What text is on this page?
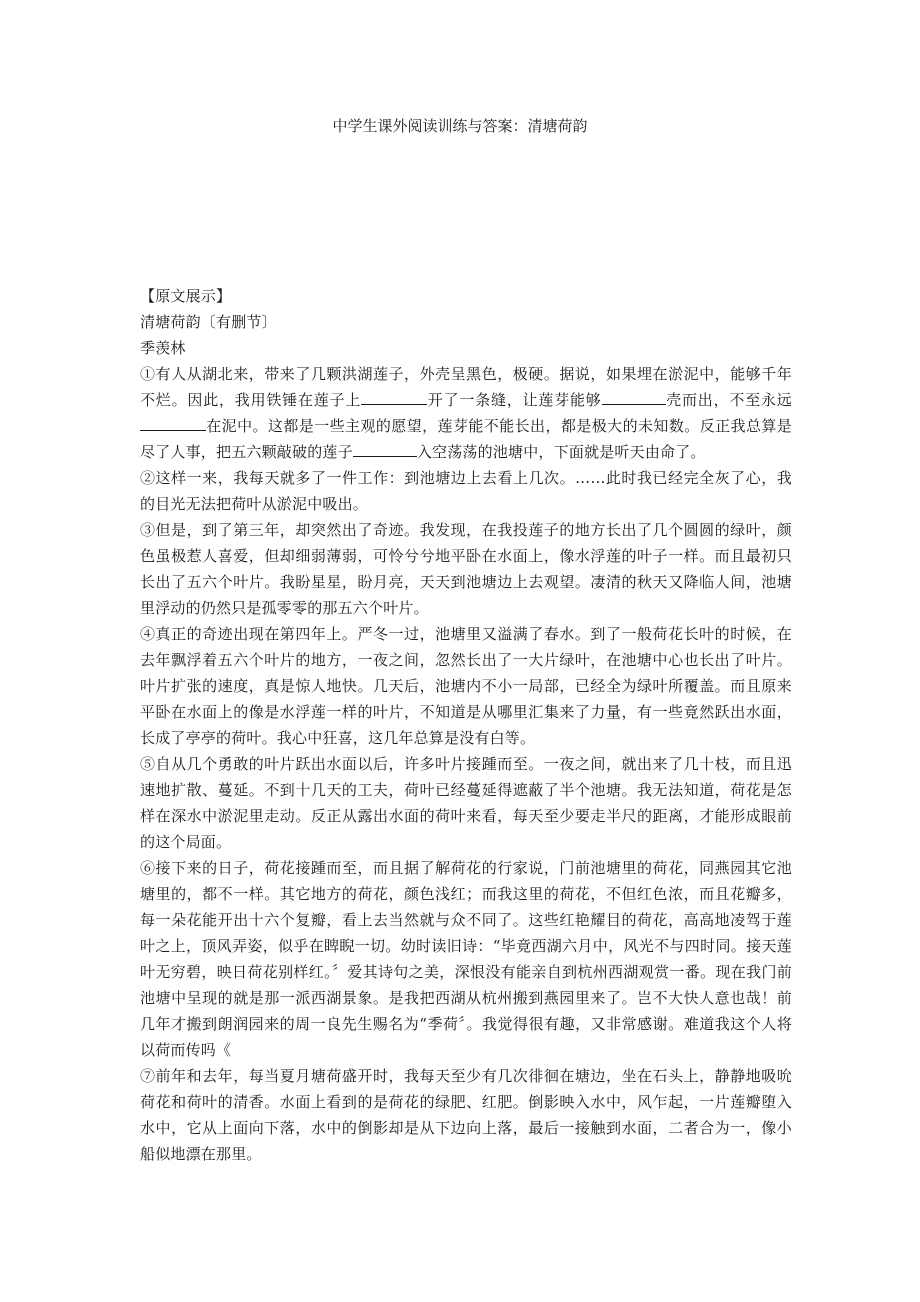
中学生课外阅读训练与答案：清塘荷韵

【原文展示】

清塘荷韵〔有删节〕

季羡林

①有人从湖北来，带来了几颗洪湖莲子，外壳呈黑色，极硬。据说，如果埋在淤泥中，能够千年不烂。因此，我用铁锤在莲子上	开了一条缝，让莲芽能够	壳而出，不至永远在泥中。这都是一些主观的愿望，莲芽能不能长出，都是极大的未知数。反正我总算是尽了人事，把五六颗敲破的莲子	入空荡荡的池塘中，下面就是听天由命了。

②这样一来，我每天就多了一件工作：到池塘边上去看上几次。……此时我已经完全灰了心，我的目光无法把荷叶从淤泥中吸出。

③但是，到了第三年，却突然出了奇迹。我发现，在我投莲子的地方长出了几个圆圆的绿叶，颜色虽极惹人喜爱，但却细弱薄弱，可怜兮兮地平卧在水面上，像水浮莲的叶子一样。而且最初只长出了五六个叶片。我盼星星，盼月亮，天天到池塘边上去观望。凄清的秋天又降临人间，池塘里浮动的仍然只是孤零零的那五六个叶片。

④真正的奇迹出现在第四年上。严冬一过，池塘里又溢满了春水。到了一般荷花长叶的时候，在去年飘浮着五六个叶片的地方，一夜之间，忽然长出了一大片绿叶，在池塘中心也长出了叶片。叶片扩张的速度，真是惊人地快。几天后，池塘内不小一局部，已经全为绿叶所覆盖。而且原来平卧在水面上的像是水浮莲一样的叶片，不知道是从哪里汇集来了力量，有一些竟然跃出水面，长成了亭亭的荷叶。我心中狂喜，这几年总算是没有白等。

⑤自从几个勇敢的叶片跃出水面以后，许多叶片接踵而至。一夜之间，就出来了几十枝，而且迅速地扩散、蔓延。不到十几天的工夫，荷叶已经蔓延得遮蔽了半个池塘。我无法知道，荷花是怎样在深水中淤泥里走动。反正从露出水面的荷叶来看，每天至少要走半尺的距离，才能形成眼前的这个局面。

⑥接下来的日子，荷花接踵而至，而且据了解荷花的行家说，门前池塘里的荷花，同燕园其它池塘里的，都不一样。其它地方的荷花，颜色浅红；而我这里的荷花，不但红色浓，而且花瓣多，每一朵花能开出十六个复瓣，看上去当然就与众不同了。这些红艳耀目的荷花，高高地凌驾于莲叶之上，顶风弄姿，似乎在睥睨一切。幼时读旧诗：“毕竟西湖六月中，风光不与四时同。接天莲叶无穷碧，映日荷花别样红。〞爱其诗句之美，深恨没有能亲自到杭州西湖观赏一番。现在我门前池塘中呈现的就是那一派西湖景象。是我把西湖从杭州搬到燕园里来了。岂不大快人意也哉！前几年才搬到朗润园来的周一良先生赐名为“季荷〞。我觉得很有趣，又非常感谢。难道我这个人将以荷而传吗《

⑦前年和去年，每当夏月塘荷盛开时，我每天至少有几次徘徊在塘边，坐在石头上，静静地吸吮荷花和荷叶的清香。水面上看到的是荷花的绿肥、红肥。倒影映入水中，风乍起，一片莲瓣堕入水中，它从上面向下落，水中的倒影却是从下边向上落，最后一接触到水面，二者合为一，像小船似地漂在那里。
